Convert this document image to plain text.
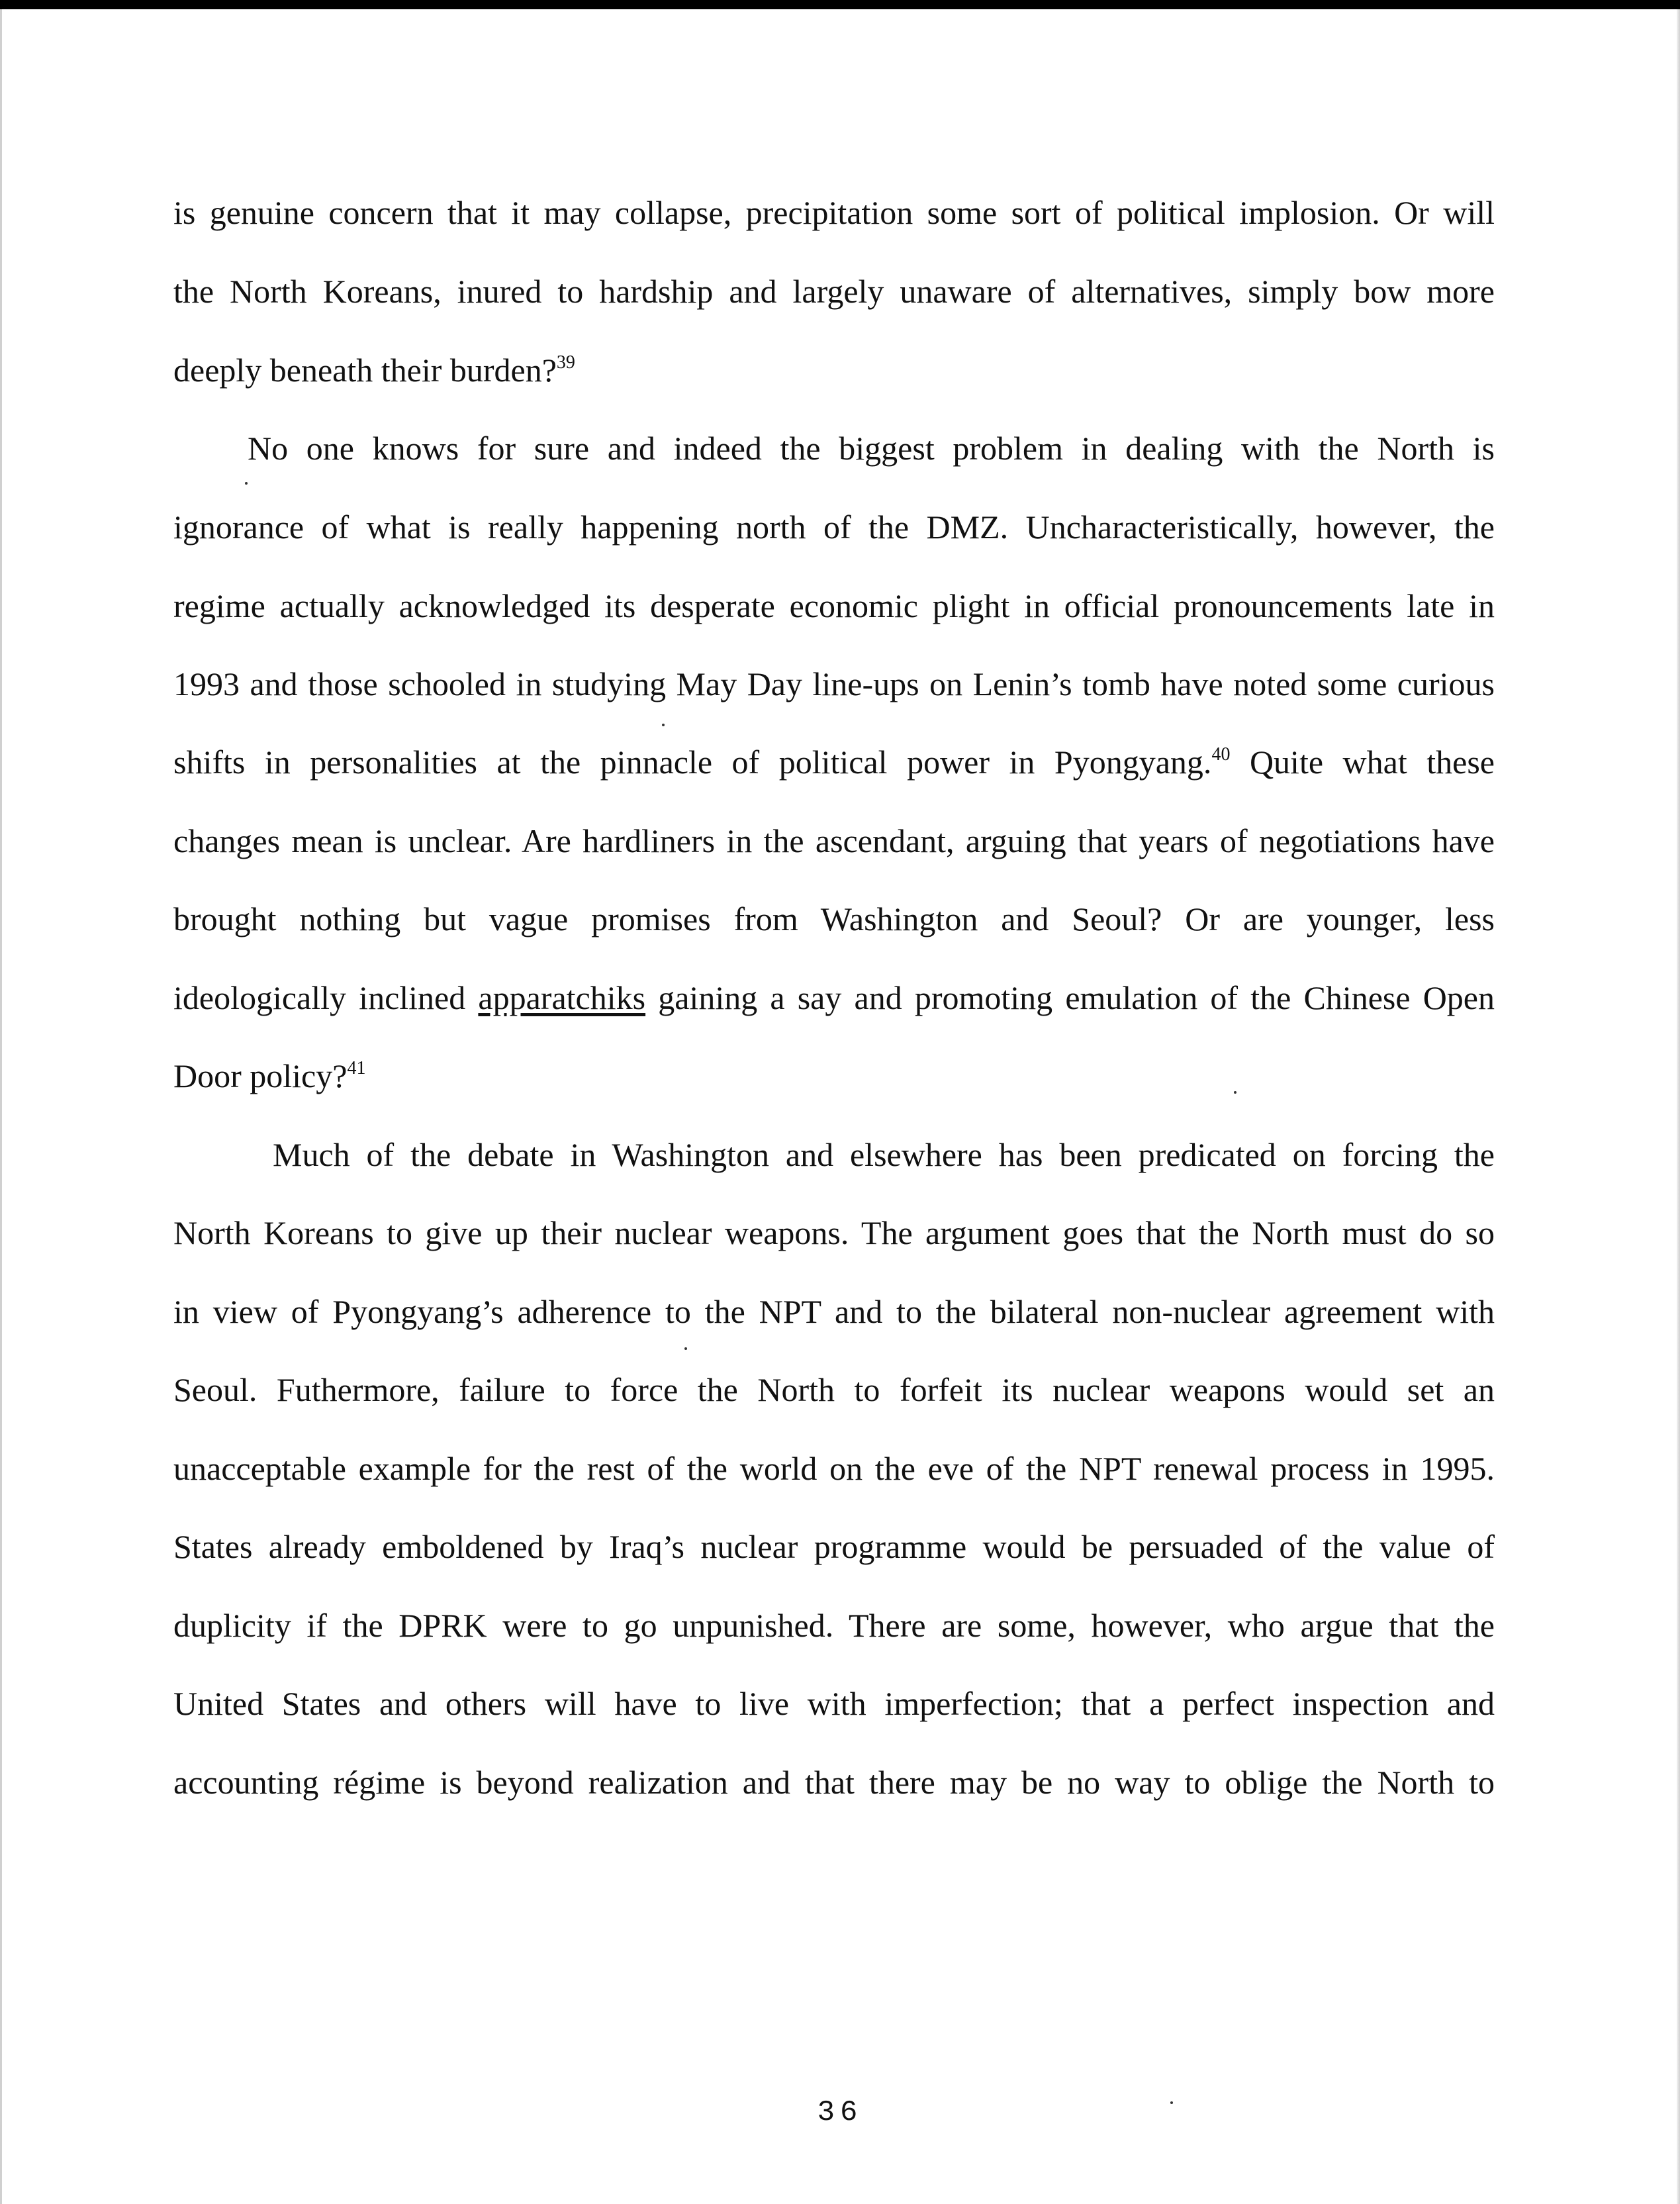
is genuine concern that it may collapse, precipitation some sort of political implosion. Or will
the North Koreans, inured to hardship and largely unaware of alternatives, simply bow more
deeply beneath their burden?$^{39}$
No one knows for sure and indeed the biggest problem in dealing with the North is
ignorance of what is really happening north of the DMZ. Uncharacteristically, however, the
regime actually acknowledged its desperate economic plight in official pronouncements late in
1993 and those schooled in studying May Day line-ups on Lenin’s tomb have noted some curious
shifts in personalities at the pinnacle of political power in Pyongyang.$^{40}$ Quite what these
changes mean is unclear. Are hardliners in the ascendant, arguing that years of negotiations have
brought nothing but vague promises from Washington and Seoul? Or are younger, less
ideologically inclined apparatchiks gaining a say and promoting emulation of the Chinese Open
Door policy?$^{41}$
Much of the debate in Washington and elsewhere has been predicated on forcing the
North Koreans to give up their nuclear weapons. The argument goes that the North must do so
in view of Pyongyang’s adherence to the NPT and to the bilateral non-nuclear agreement with
Seoul. Futhermore, failure to force the North to forfeit its nuclear weapons would set an
unacceptable example for the rest of the world on the eve of the NPT renewal process in 1995.
States already emboldened by Iraq’s nuclear programme would be persuaded of the value of
duplicity if the DPRK were to go unpunished. There are some, however, who argue that the
United States and others will have to live with imperfection; that a perfect inspection and
accounting régime is beyond realization and that there may be no way to oblige the North to
36
